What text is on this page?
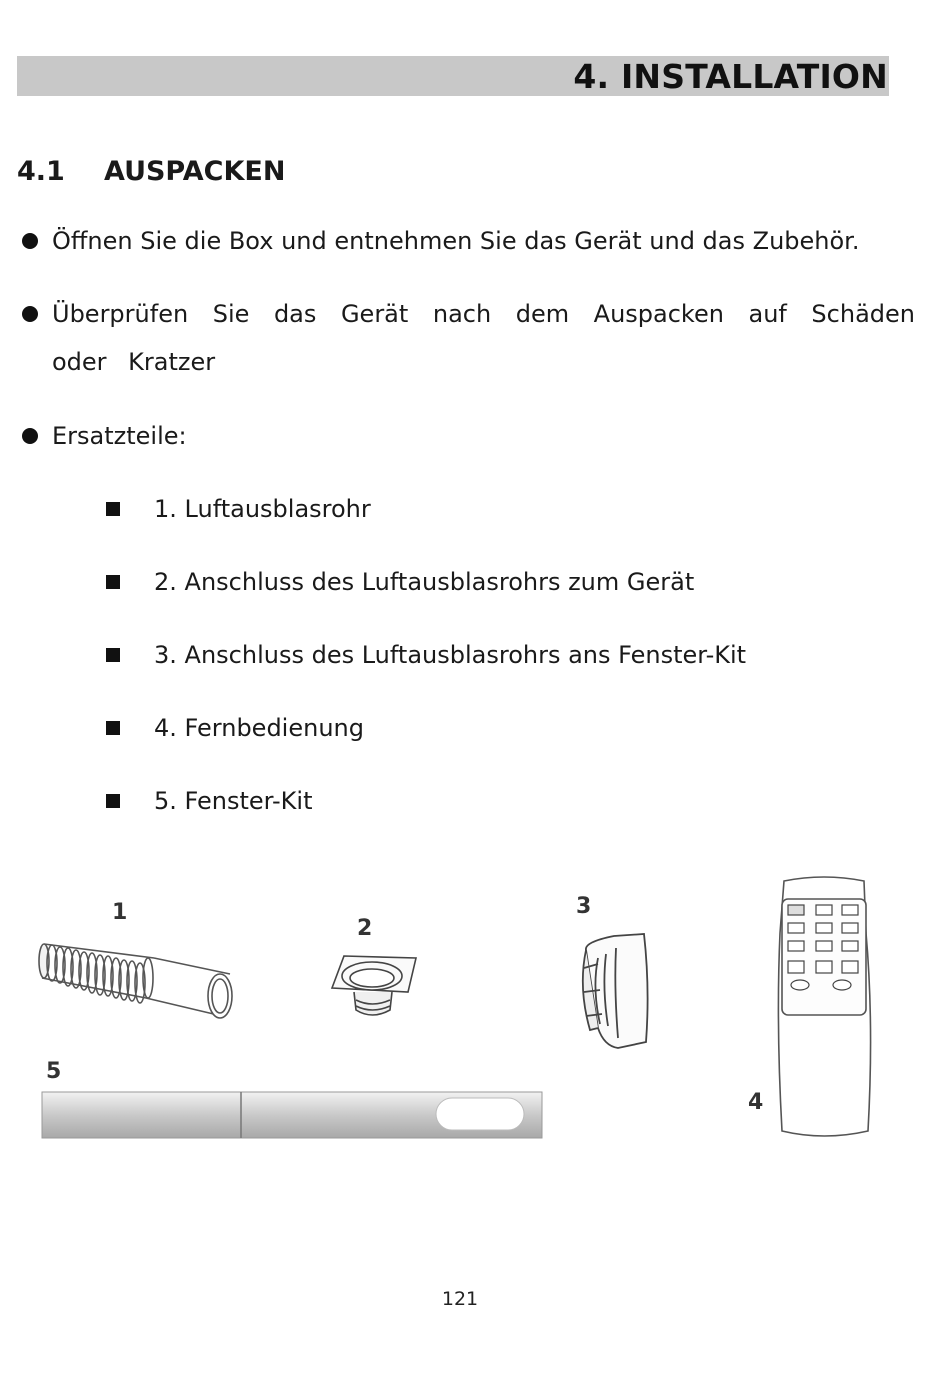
4. INSTALLATION
4.1 AUSPACKEN
Öffnen Sie die Box und entnehmen Sie das Gerät und das Zubehör.
Überprüfen Sie das Gerät nach dem Auspacken auf Schäden oder Kratzer
Ersatzteile:
1. Luftausblasrohr
2. Anschluss des Luftausblasrohrs zum Gerät
3. Anschluss des Luftausblasrohrs ans Fenster-Kit
4. Fernbedienung
5. Fenster-Kit
1
2
3
4
5
121
